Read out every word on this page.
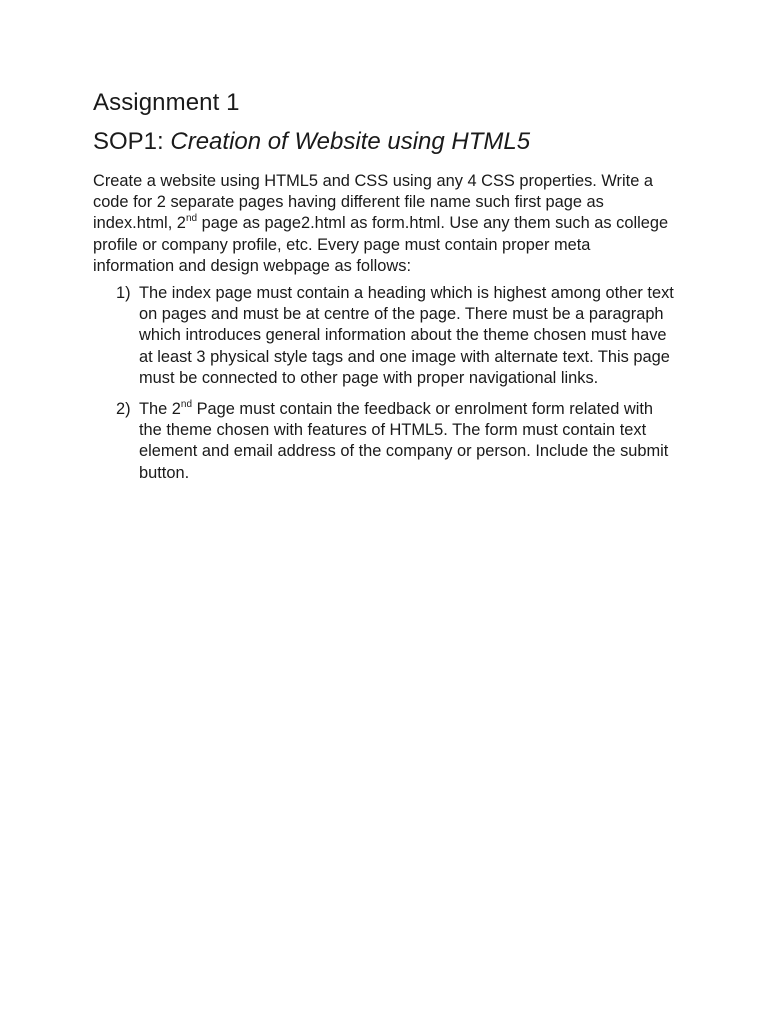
Assignment 1
SOP1: Creation of Website using HTML5

Create a website using HTML5 and CSS using any 4 CSS properties. Write a code for 2 separate pages having different file name such first page as index.html, 2nd page as page2.html as form.html. Use any them such as college profile or company profile, etc. Every page must contain proper meta information and design webpage as follows:

1) The index page must contain a heading which is highest among other text on pages and must be at centre of the page. There must be a paragraph which introduces general information about the theme chosen must have at least 3 physical style tags and one image with alternate text. This page must be connected to other page with proper navigational links.
2) The 2nd Page must contain the feedback or enrolment form related with the theme chosen with features of HTML5. The form must contain text element and email address of the company or person. Include the submit button.
